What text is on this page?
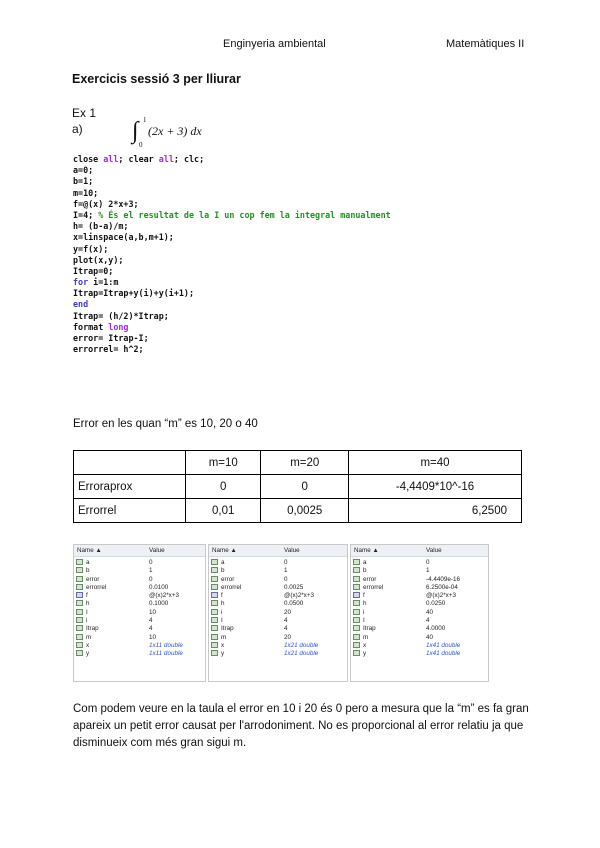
Enginyeria ambiental	Matemàtiques II
Exercicis sessió 3 per lliurar
Ex 1
a) ∫ 1
0
(2x + 3) dx
close all; clear all; clc;
a=0;
b=1;
m=10;
f=@(x) 2*x+3;
I=4; % És el resultat de la I un cop fem la integral manualment
h= (b-a)/m;
x=linspace(a,b,m+1);
y=f(x);
plot(x,y);
Itrap=0;
for i=1:m
Itrap=Itrap+y(i)+y(i+1);
end
Itrap= (h/2)*Itrap;
format long
error= Itrap-I;
errorrel= h^2;
Error en les quan “m” es 10, 20 o 40
	m=10	m=20	m=40
Erroraprox	0	0	-4,4409*10^-16
Errorrel	0,01	0,0025	6,2500
Name ▲	Value
a	0
b	1
error	0
errorrel	0.0100
f	@(x)2*x+3
h	0.1000
I	10
i	4
Itrap	4
m	10
x	1x11 double
y	1x11 double
Name ▲	Value
a	0
b	1
error	0
errorrel	0.0025
f	@(x)2*x+3
h	0.0500
i	20
I	4
Itrap	4
m	20
x	1x21 double
y	1x21 double
Name ▲	Value
a	0
b	1
error	-4.4409e-16
errorrel	6.2500e-04
f	@(x)2*x+3
h	0.0250
i	40
I	4
Itrap	4.0000
m	40
x	1x41 double
y	1x41 double
Com podem veure en la taula el error en 10 i 20 és 0 pero a mesura que la “m” es fa gran apareix un petit error causat per l'arrodoniment. No es proporcional al error relatiu ja que disminueix com més gran sigui m.
